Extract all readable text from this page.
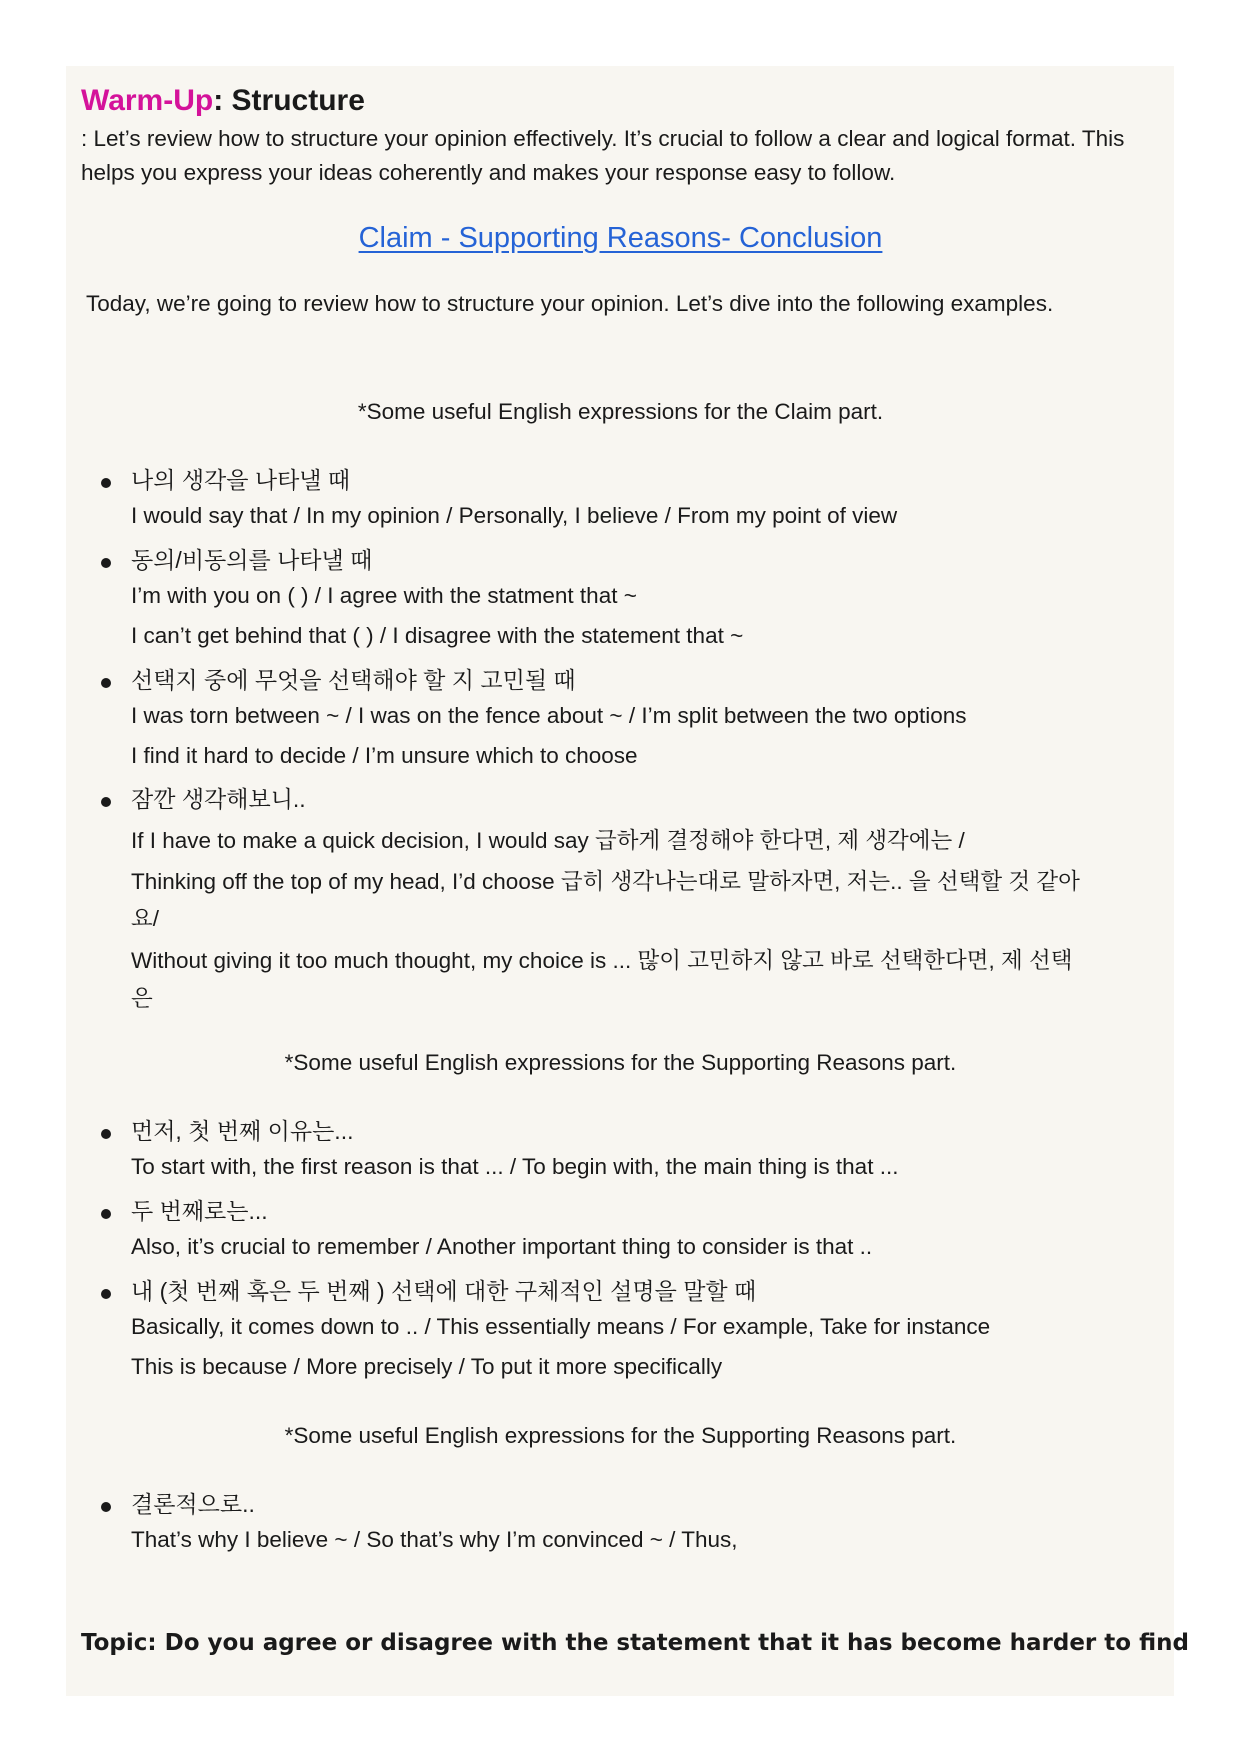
Warm-Up: Structure
: Let’s review how to structure your opinion effectively. It’s crucial to follow a clear and logical format. This helps you express your ideas coherently and makes your response easy to follow.
Claim - Supporting Reasons- Conclusion
Today, we’re going to review how to structure your opinion. Let’s dive into the following examples.
*Some useful English expressions for the Claim part.
나의 생각을 나타낼 때
I would say that / In my opinion / Personally, I believe / From my point of view
동의/비동의를 나타낼 때
I’m with you on ( ) / I agree with the statment that ~
I can’t get behind that ( ) / I disagree with the statement that ~
선택지 중에 무엇을 선택해야 할 지 고민될 때
I was torn between ~ / I was on the fence about ~ / I’m split between the two options
I find it hard to decide / I’m unsure which to choose
잠깐 생각해보니..
If I have to make a quick decision, I would say 급하게 결정해야 한다면, 제 생각에는 /
Thinking off the top of my head, I’d choose 급히 생각나는대로 말하자면, 저는.. 을 선택할 것 같아
요/
Without giving it too much thought, my choice is ... 많이 고민하지 않고 바로 선택한다면, 제 선택
은
*Some useful English expressions for the Supporting Reasons part.
먼저, 첫 번째 이유는...
To start with, the first reason is that ... / To begin with, the main thing is that ...
두 번째로는...
Also, it’s crucial to remember / Another important thing to consider is that ..
내 (첫 번째 혹은 두 번째 ) 선택에 대한 구체적인 설명을 말할 때
Basically, it comes down to .. / This essentially means / For example, Take for instance
This is because / More precisely / To put it more specifically
*Some useful English expressions for the Supporting Reasons part.
결론적으로..
That’s why I believe ~ / So that’s why I’m convinced ~ / Thus,
Topic: Do you agree or disagree with the statement that it has become harder to find
